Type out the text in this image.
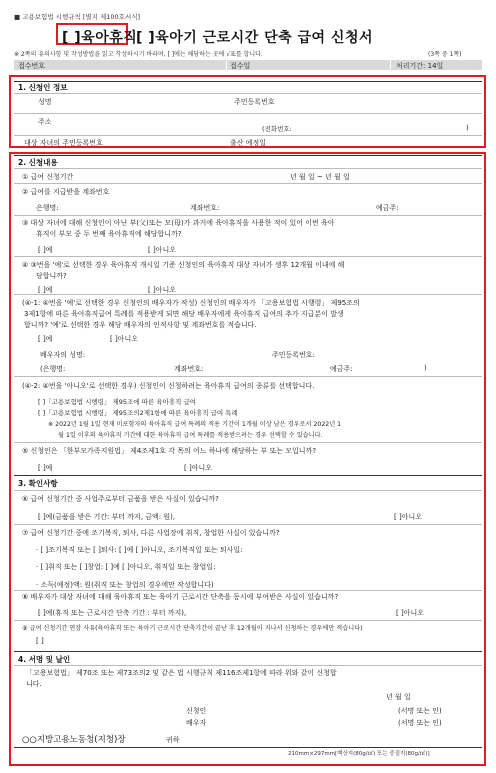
■ 고용보험법 시행규칙 [별지 제100호서식]
[ ]육아휴직
[ ]육아기 근로시간 단축 급여 신청서
※ 2쪽의 유의사항 및 작성방법을 읽고 작성하시기 바라며, [ ]에는 해당하는 곳에 √표를 합니다.	(3쪽 중 1쪽)
접수번호	접수일	처리기간: 14일
1. 신청인 정보
성명	주민등록번호
주소
(전화번호:	)
대상 자녀의 주민등록번호	출산 예정일
2. 신청내용
① 급여 신청기간	년 월 일 ~ 년 월 일
② 급여를 지급받을 계좌번호
은행명:	계좌번호:	예금주:
③ 대상 자녀에 대해 신청인이 아닌 부(父)또는 모(母)가 과거에 육아휴직을 사용한 적이 있어 이번 육아
휴직이 부모 중 두 번째 육아휴직에 해당합니까?
[ ]예	[ ]아니오
④ ③번을 '예'로 선택한 경우 육아휴직 개시일 기준 신청인의 육아휴직 대상 자녀가 생후 12개월 이내에 해
당합니까?
[ ]예	[ ]아니오
(④-1: ④번을 '예'로 선택한 경우 신청인의 배우자가 작성) 신청인의 배우자가 「고용보험법 시행령」 제95조의
3제1항에 따른 육아휴직급여 특례를 적용받게 되면 해당 배우자에게 육아휴직 급여의 추가 지급분이 발생
합니까? '예'로 선택한 경우 해당 배우자의 인적사항 및 계좌번호를 적습니다.
[ ]예	[ ]아니오
배우자의 성명:	주민등록번호:
(은행명:	계좌번호:	예금주:	)
(④-2: ④번을 '아니오'로 선택한 경우) 신청인이 신청하려는 육아휴직 급여의 종류를 선택합니다.
[ ]「고용보험법 시행령」 제95조에 따른 육아휴직 급여
[ ]「고용보험법 시행령」 제95조의2제1항에 따른 육아휴직 급여 특례
※ 2022년 1월 1일 현재 미포함자의 육아휴직 급여 특례의 적용 기간이 1개월 이상 남은 경우로서 2022년 1
월 1일 이후의 육아휴직 기간에 대한 육아휴직 급여 특례를 적용받으려는 경우 선택할 수 있습니다.
⑤ 신청인은 「한부모가족지원법」 제4조제1호 각 목의 어느 하나에 해당하는 부 또는 모입니까?
[ ]예	[ ]아니오
3. 확인사항
⑥ 급여 신청기간 중 사업주로부터 금품을 받은 사실이 있습니까?
[ ]예(금품을 받은 기간: 부터 까지, 금액: 원),	[ ]아니오
⑦ 급여 신청기간 중에 조기복직, 퇴사, 다른 사업장에 취직, 창업한 사실이 있습니까?
· [ ]조기복직 또는 [ ]퇴사: [ ]예 [ ]아니오, 조기복직일 또는 퇴사일:
· [ ]취직 또는 [ ]창업: [ ]예 [ ]아니오, 취직일 또는 창업일:
· 소득(예정)액: 원(취직 또는 창업의 경우에만 작성합니다)
⑧ 배우자가 대상 자녀에 대해 육아휴직 또는 육아기 근로시간 단축을 동시에 부여받은 사실이 있습니까?
[ ]예(휴직 또는 근로시간 단축 기간 : 부터 까지),	[ ]아니오
⑨ 급여 신청기간 연장 사유(육아휴직 또는 육아기 근로시간 단축기간이 끝난 후 12개월이 지나서 신청하는 경우에만 적습니다)
[ ]
4. 서명 및 날인
「고용보험법」 제70조 또는 제73조의2 및 같은 법 시행규칙 제116조제1항에 따라 위와 같이 신청합
니다.
년 월 일
신청인	(서명 또는 인)
배우자	(서명 또는 인)
○○지방고용노동청(지청)장	귀하
210mm×297mm[백상지(80g/㎡) 또는 중질지(80g/㎡)]
